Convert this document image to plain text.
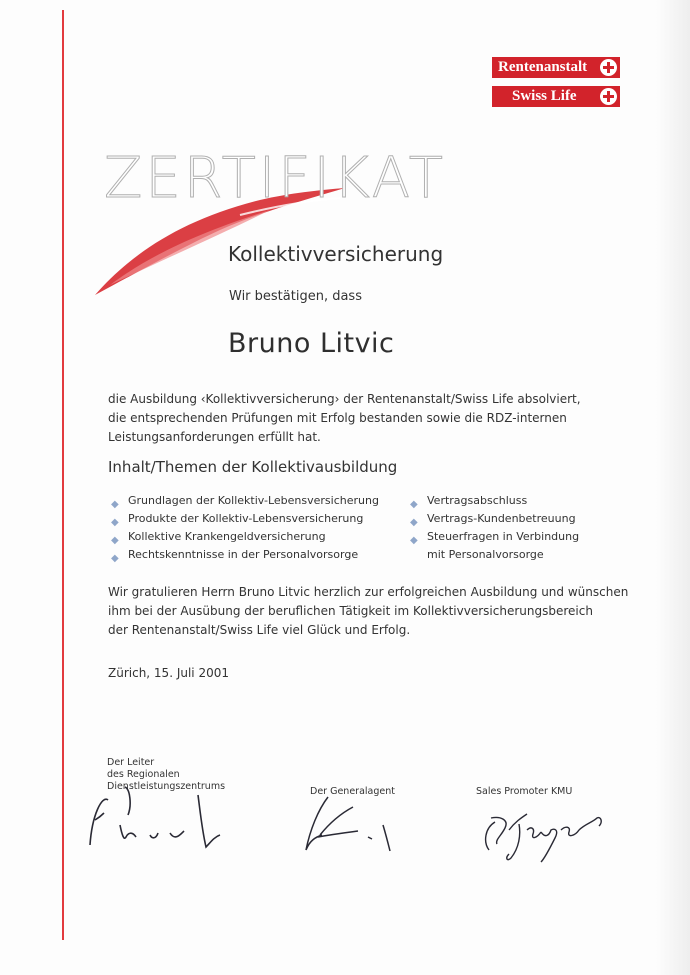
Rentenanstalt
Swiss Life
ZERTIFIKAT
Kollektivversicherung
Wir bestätigen, dass
Bruno Litvic
die Ausbildung ‹Kollektivversicherung› der Rentenanstalt/Swiss Life absolviert,
die entsprechenden Prüfungen mit Erfolg bestanden sowie die RDZ-internen
Leistungsanforderungen erfüllt hat.
Inhalt/Themen der Kollektivausbildung
◆ Grundlagen der Kollektiv-Lebensversicherung
◆ Produkte der Kollektiv-Lebensversicherung
◆ Kollektive Krankengeldversicherung
◆ Rechtskenntnisse in der Personalvorsorge
◆ Vertragsabschluss
◆ Vertrags-Kundenbetreuung
◆ Steuerfragen in Verbindung
mit Personalvorsorge
Wir gratulieren Herrn Bruno Litvic herzlich zur erfolgreichen Ausbildung und wünschen
ihm bei der Ausübung der beruflichen Tätigkeit im Kollektivversicherungsbereich
der Rentenanstalt/Swiss Life viel Glück und Erfolg.
Zürich, 15. Juli 2001
Der Leiter
des Regionalen
Dienstleistungszentrums	Der Generalagent	Sales Promoter KMU
